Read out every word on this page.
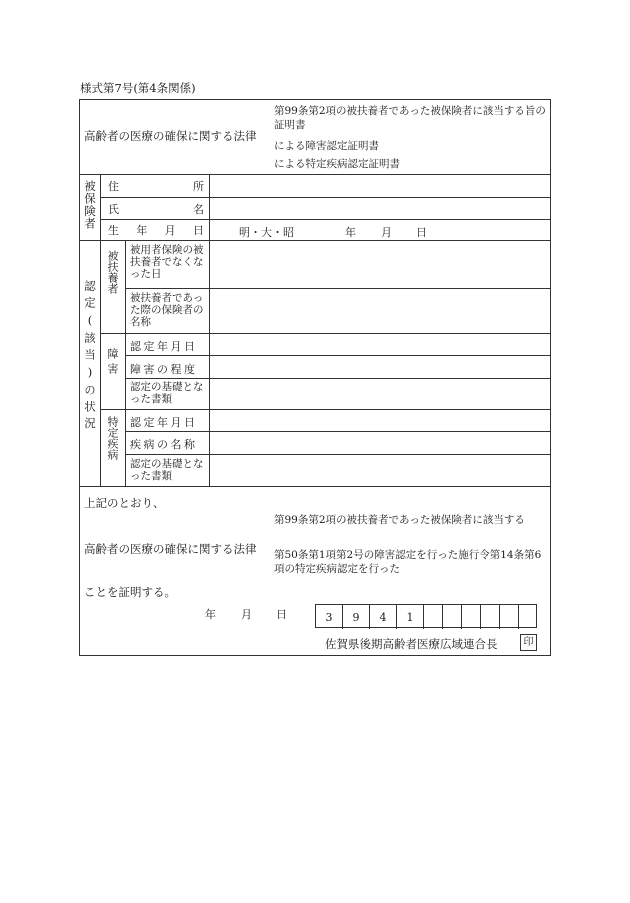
様式第7号(第4条関係)
高齢者の医療の確保に関する法律
第99条第2項の被扶養者であった被保険者に該当する旨の証明書
による障害認定証明書
による特定疾病認定証明書
被保険者 住	所
氏	名
生 年 月 日	明・大・昭	年 月 日
認定(該当)の状況
被扶養者 被用者保険の被扶養者でなくなった日
被扶養者であった際の保険者の名称
障害
認定年月日
障害の程度
認定の基礎となった書類
特定疾病 認定年月日
疾病の名称
認定の基礎となった書類
上記のとおり、
高齢者の医療の確保に関する法律
第99条第2項の被扶養者であった被保険者に該当する
第50条第1項第2号の障害認定を行った施行令第14条第6項の特定疾病認定を行った
ことを証明する。
年 月 日	3	9	4	1
佐賀県後期高齢者医療広域連合長	印
